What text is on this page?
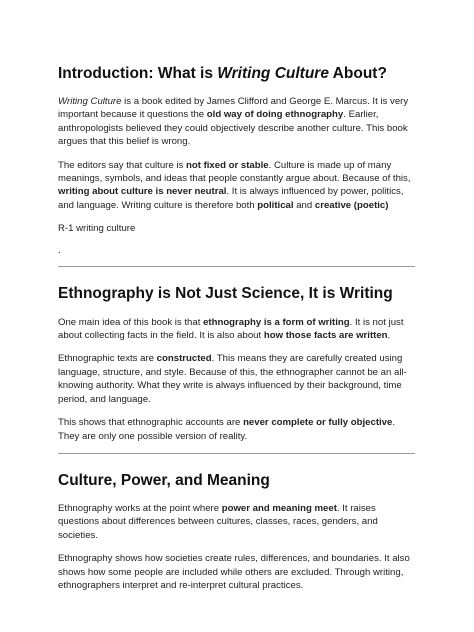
Introduction: What is Writing Culture About?

Writing Culture is a book edited by James Clifford and George E. Marcus. It is very important because it questions the old way of doing ethnography. Earlier, anthropologists believed they could objectively describe another culture. This book argues that this belief is wrong.

The editors say that culture is not fixed or stable. Culture is made up of many meanings, symbols, and ideas that people constantly argue about. Because of this, writing about culture is never neutral. It is always influenced by power, politics, and language. Writing culture is therefore both political and creative (poetic)

R-1 writing culture

.

Ethnography is Not Just Science, It is Writing

One main idea of this book is that ethnography is a form of writing. It is not just about collecting facts in the field. It is also about how those facts are written.

Ethnographic texts are constructed. This means they are carefully created using language, structure, and style. Because of this, the ethnographer cannot be an all-knowing authority. What they write is always influenced by their background, time period, and language.

This shows that ethnographic accounts are never complete or fully objective. They are only one possible version of reality.

Culture, Power, and Meaning

Ethnography works at the point where power and meaning meet. It raises questions about differences between cultures, classes, races, genders, and societies.

Ethnography shows how societies create rules, differences, and boundaries. It also shows how some people are included while others are excluded. Through writing, ethnographers interpret and re-interpret cultural practices.
